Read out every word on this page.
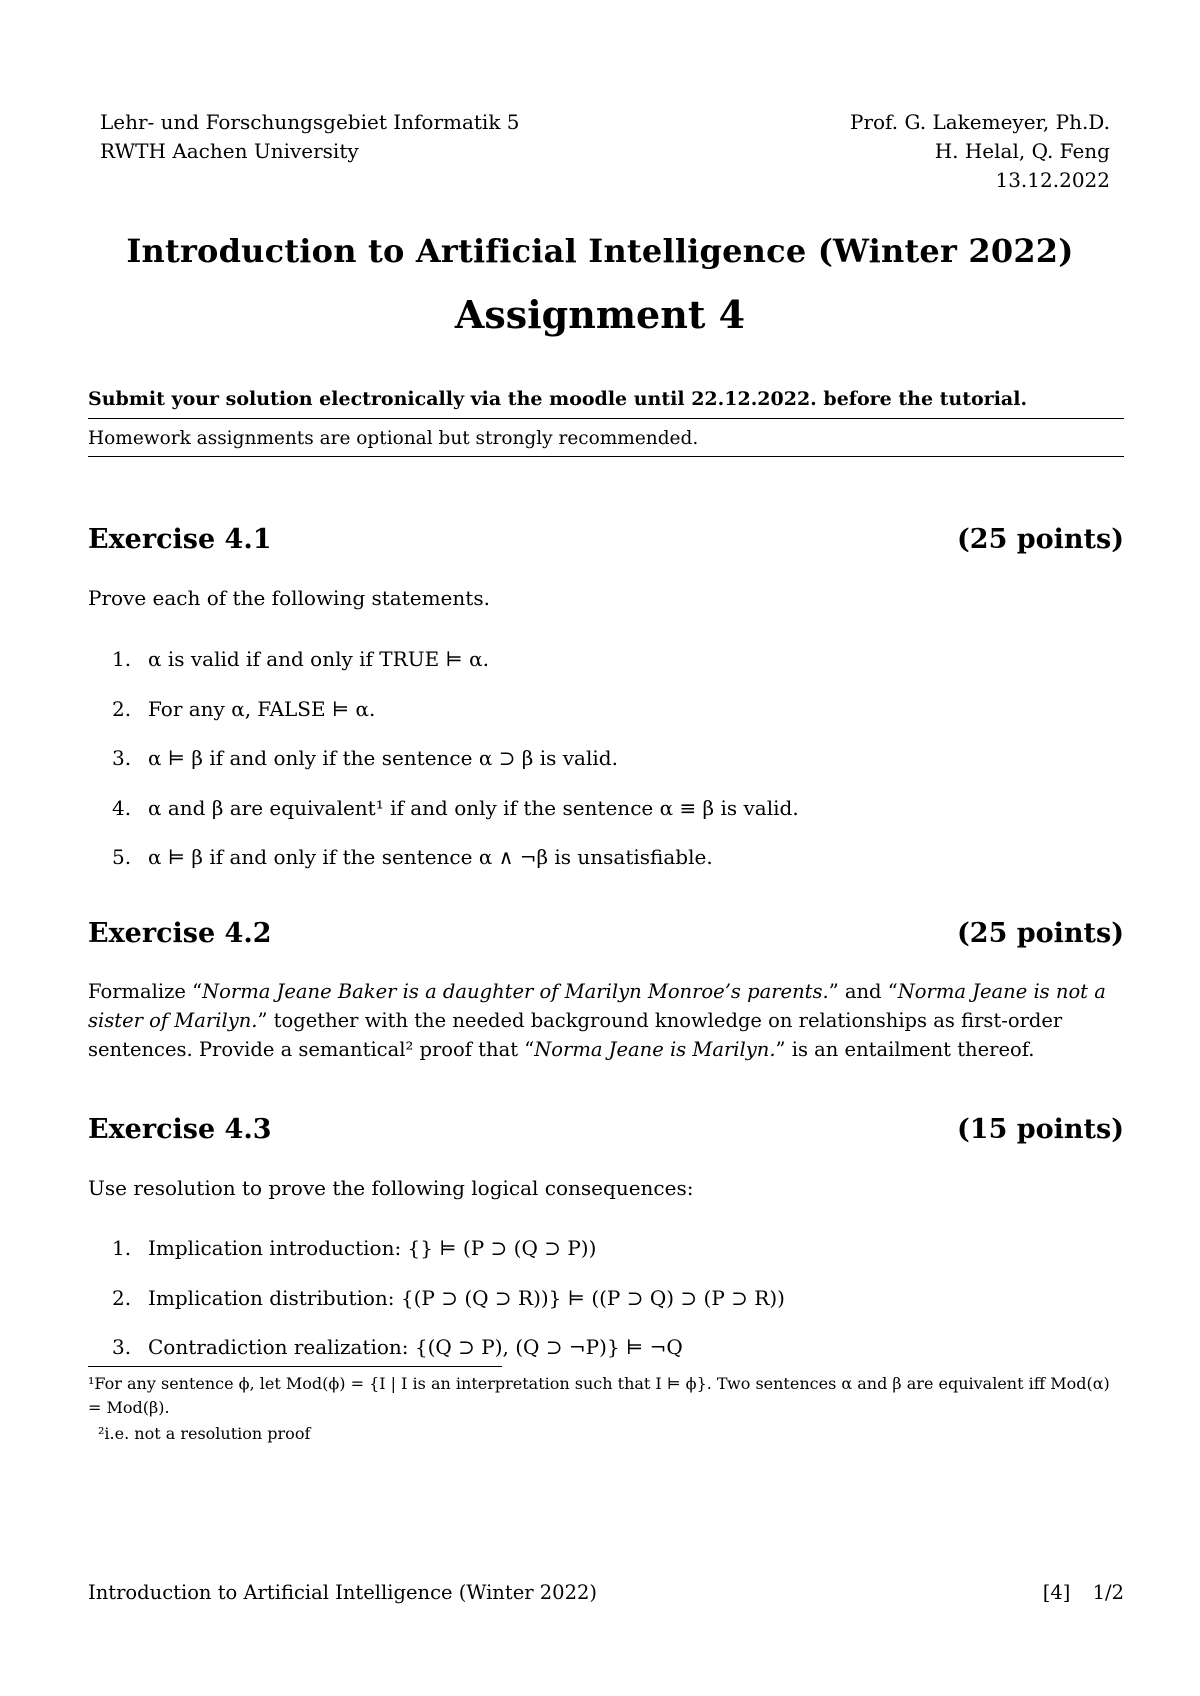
Lehr- und Forschungsgebiet Informatik 5
RWTH Aachen University
Prof. G. Lakemeyer, Ph.D.
H. Helal, Q. Feng
13.12.2022
Introduction to Artificial Intelligence (Winter 2022)
Assignment 4
Submit your solution electronically via the moodle until 22.12.2022. before the tutorial.
Homework assignments are optional but strongly recommended.
Exercise 4.1	(25 points)
Prove each of the following statements.
1. α is valid if and only if TRUE ⊨ α.
2. For any α, FALSE ⊨ α.
3. α ⊨ β if and only if the sentence α ⊃ β is valid.
4. α and β are equivalent¹ if and only if the sentence α ≡ β is valid.
5. α ⊨ β if and only if the sentence α ∧ ¬β is unsatisfiable.
Exercise 4.2	(25 points)
Formalize “Norma Jeane Baker is a daughter of Marilyn Monroe’s parents.” and “Norma Jeane is not a sister of Marilyn.” together with the needed background knowledge on relationships as first-order sentences. Provide a semantical² proof that “Norma Jeane is Marilyn.” is an entailment thereof.
Exercise 4.3	(15 points)
Use resolution to prove the following logical consequences:
1. Implication introduction: {} ⊨ (P ⊃ (Q ⊃ P))
2. Implication distribution: {(P ⊃ (Q ⊃ R))} ⊨ ((P ⊃ Q) ⊃ (P ⊃ R))
3. Contradiction realization: {(Q ⊃ P), (Q ⊃ ¬P)} ⊨ ¬Q
¹For any sentence ϕ, let Mod(ϕ) = {I | I is an interpretation such that I ⊨ ϕ}. Two sentences α and β are equivalent iff Mod(α) = Mod(β).
²i.e. not a resolution proof
Introduction to Artificial Intelligence (Winter 2022)	[4] 1/2
